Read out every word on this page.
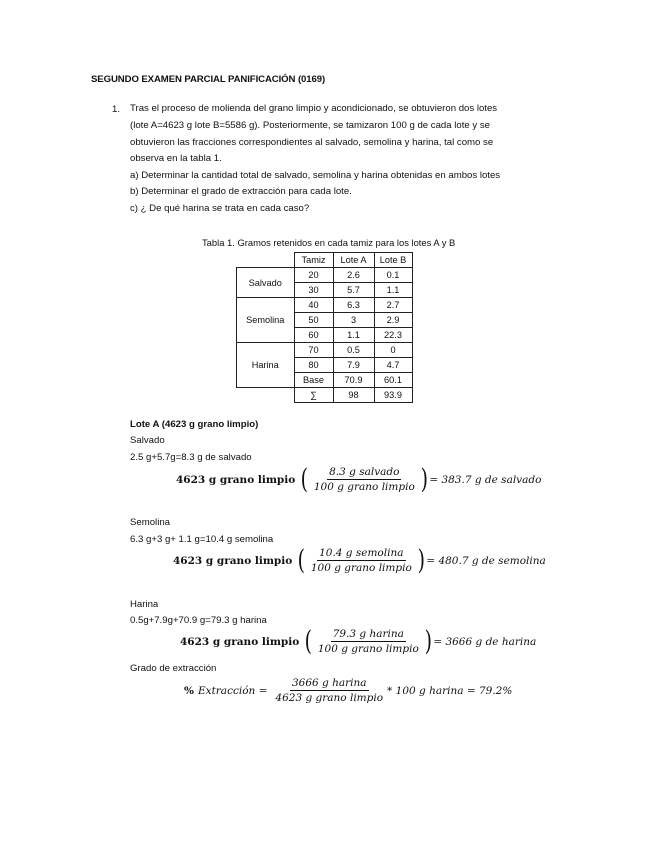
SEGUNDO EXAMEN PARCIAL PANIFICACIÓN (0169)
1. Tras el proceso de molienda del grano limpio y acondicionado, se obtuvieron dos lotes
(lote A=4623 g lote B=5586 g). Posteriormente, se tamizaron 100 g de cada lote y se
obtuvieron las fracciones correspondientes al salvado, semolina y harina, tal como se
observa en la tabla 1.
a) Determinar la cantidad total de salvado, semolina y harina obtenidas en ambos lotes
b) Determinar el grado de extracción para cada lote.
c) ¿ De qué harina se trata en cada caso?
Tabla 1. Gramos retenidos en cada tamiz para los lotes A y B
	Tamiz	Lote A	Lote B
Salvado	20	2.6	0.1
	30	5.7	1.1
Semolina	40	6.3	2.7
	50	3	2.9
	60	1.1	22.3
Harina	70	0.5	0
	80	7.9	4.7
	Base	70.9	60.1
	∑	98	93.9
Lote A (4623 g grano limpio)
Salvado
2.5 g+5.7g=8.3 g de salvado
4623 g grano limpio ( $\frac{\text{8.3 g salvado}}{\text{100 g grano limpio}}$ ) = 383.7 g de salvado
Semolina
6.3 g+3 g+ 1.1 g=10.4 g semolina
4623 g grano limpio ( $\frac{\text{10.4 g semolina}}{\text{100 g grano limpio}}$ ) = 480.7 g de semolina
Harina
0.5g+7.9g+70.9 g=79.3 g harina
4623 g grano limpio ( $\frac{\text{79.3 g harina}}{\text{100 g grano limpio}}$ ) = 3666 g de harina
Grado de extracción
% Extracción = $\frac{\text{3666 g harina}}{\text{4623 g grano limpio}} * 100$ g harina = 79.2%
